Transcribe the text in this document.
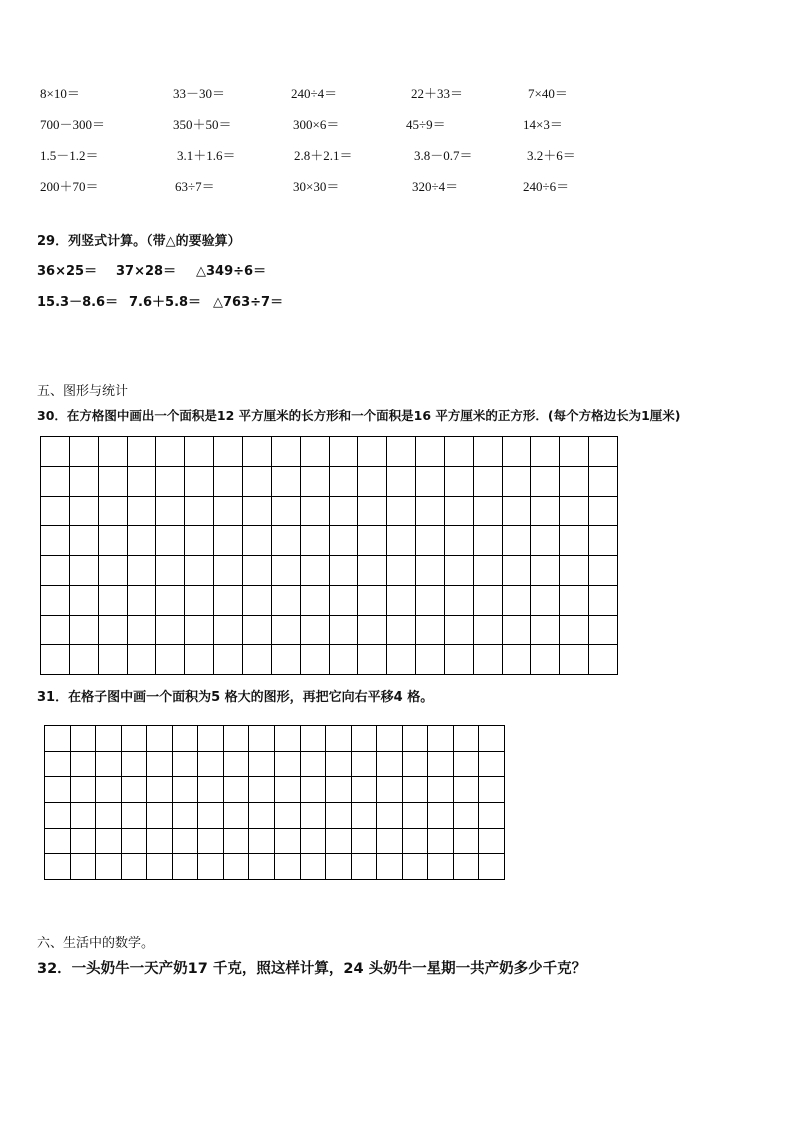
8×10＝	33－30＝	240÷4＝	22＋33＝	7×40＝
700－300＝	350＋50＝	300×6＝	45÷9＝	14×3＝
1.5－1.2＝	3.1＋1.6＝	2.8＋2.1＝	3.8－0.7＝	3.2＋6＝
200＋70＝	63÷7＝	30×30＝	320÷4＝	240÷6＝
29．列竖式计算。（带△的要验算）
36×25＝ 37×28＝ △349÷6＝
15.3－8.6＝ 7.6＋5.8＝ △763÷7＝
五、图形与统计
30．在方格图中画出一个面积是12 平方厘米的长方形和一个面积是16 平方厘米的正方形．(每个方格边长为1厘米)
31．在格子图中画一个面积为5 格大的图形，再把它向右平移4 格。
六、生活中的数学。
32．一头奶牛一天产奶17 千克，照这样计算，24 头奶牛一星期一共产奶多少千克？
